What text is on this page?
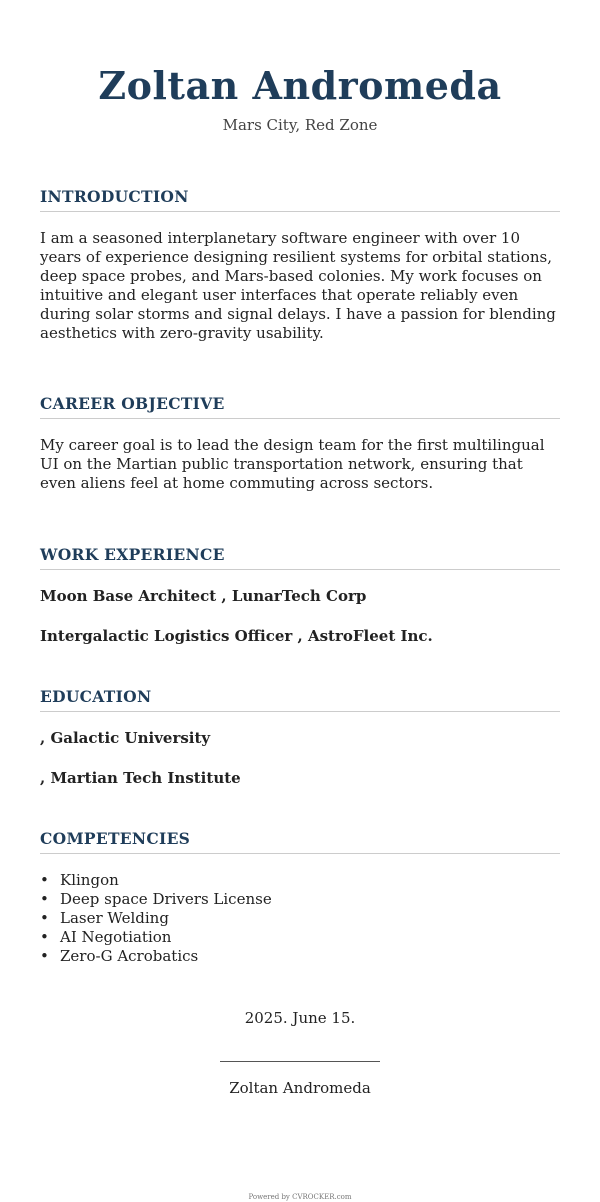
Zoltan Andromeda
Mars City, Red Zone
INTRODUCTION

I am a seasoned interplanetary software engineer with over 10 years of experience designing resilient systems for orbital stations, deep space probes, and Mars-based colonies. My work focuses on intuitive and elegant user interfaces that operate reliably even during solar storms and signal delays. I have a passion for blending aesthetics with zero-gravity usability.

CAREER OBJECTIVE

My career goal is to lead the design team for the first multilingual UI on the Martian public transportation network, ensuring that even aliens feel at home commuting across sectors.

WORK EXPERIENCE
Moon Base Architect , LunarTech Corp
Intergalactic Logistics Officer , AstroFleet Inc.
EDUCATION
, Galactic University
, Martian Tech Institute
COMPETENCIES
• Klingon
• Deep space Drivers License
• Laser Welding
• AI Negotiation
• Zero-G Acrobatics
2025. June 15.
Zoltan Andromeda
Powered by CVROCKER.com
